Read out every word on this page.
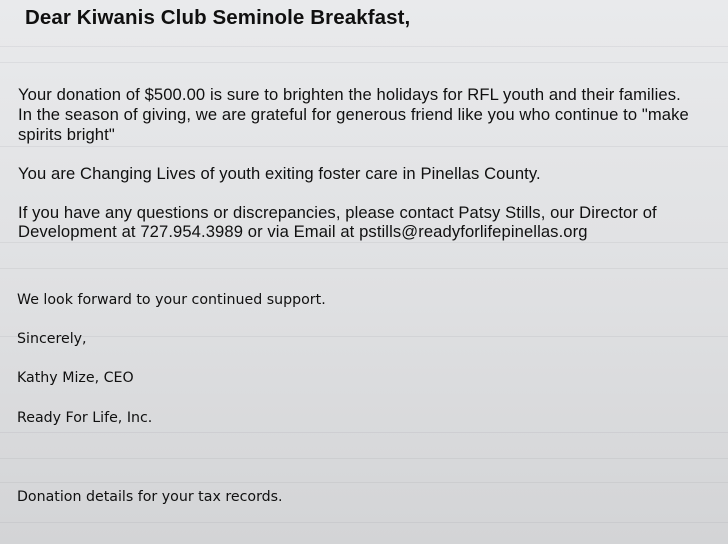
Dear Kiwanis Club Seminole Breakfast,
Your donation of $500.00 is sure to brighten the holidays for RFL youth and their families.
In the season of giving, we are grateful for generous friend like you who continue to "make
spirits bright"
You are Changing Lives of youth exiting foster care in Pinellas County.
If you have any questions or discrepancies, please contact Patsy Stills, our Director of
Development at 727.954.3989 or via Email at pstills@readyforlifepinellas.org
We look forward to your continued support.
Sincerely,
Kathy Mize, CEO
Ready For Life, Inc.
Donation details for your tax records.
